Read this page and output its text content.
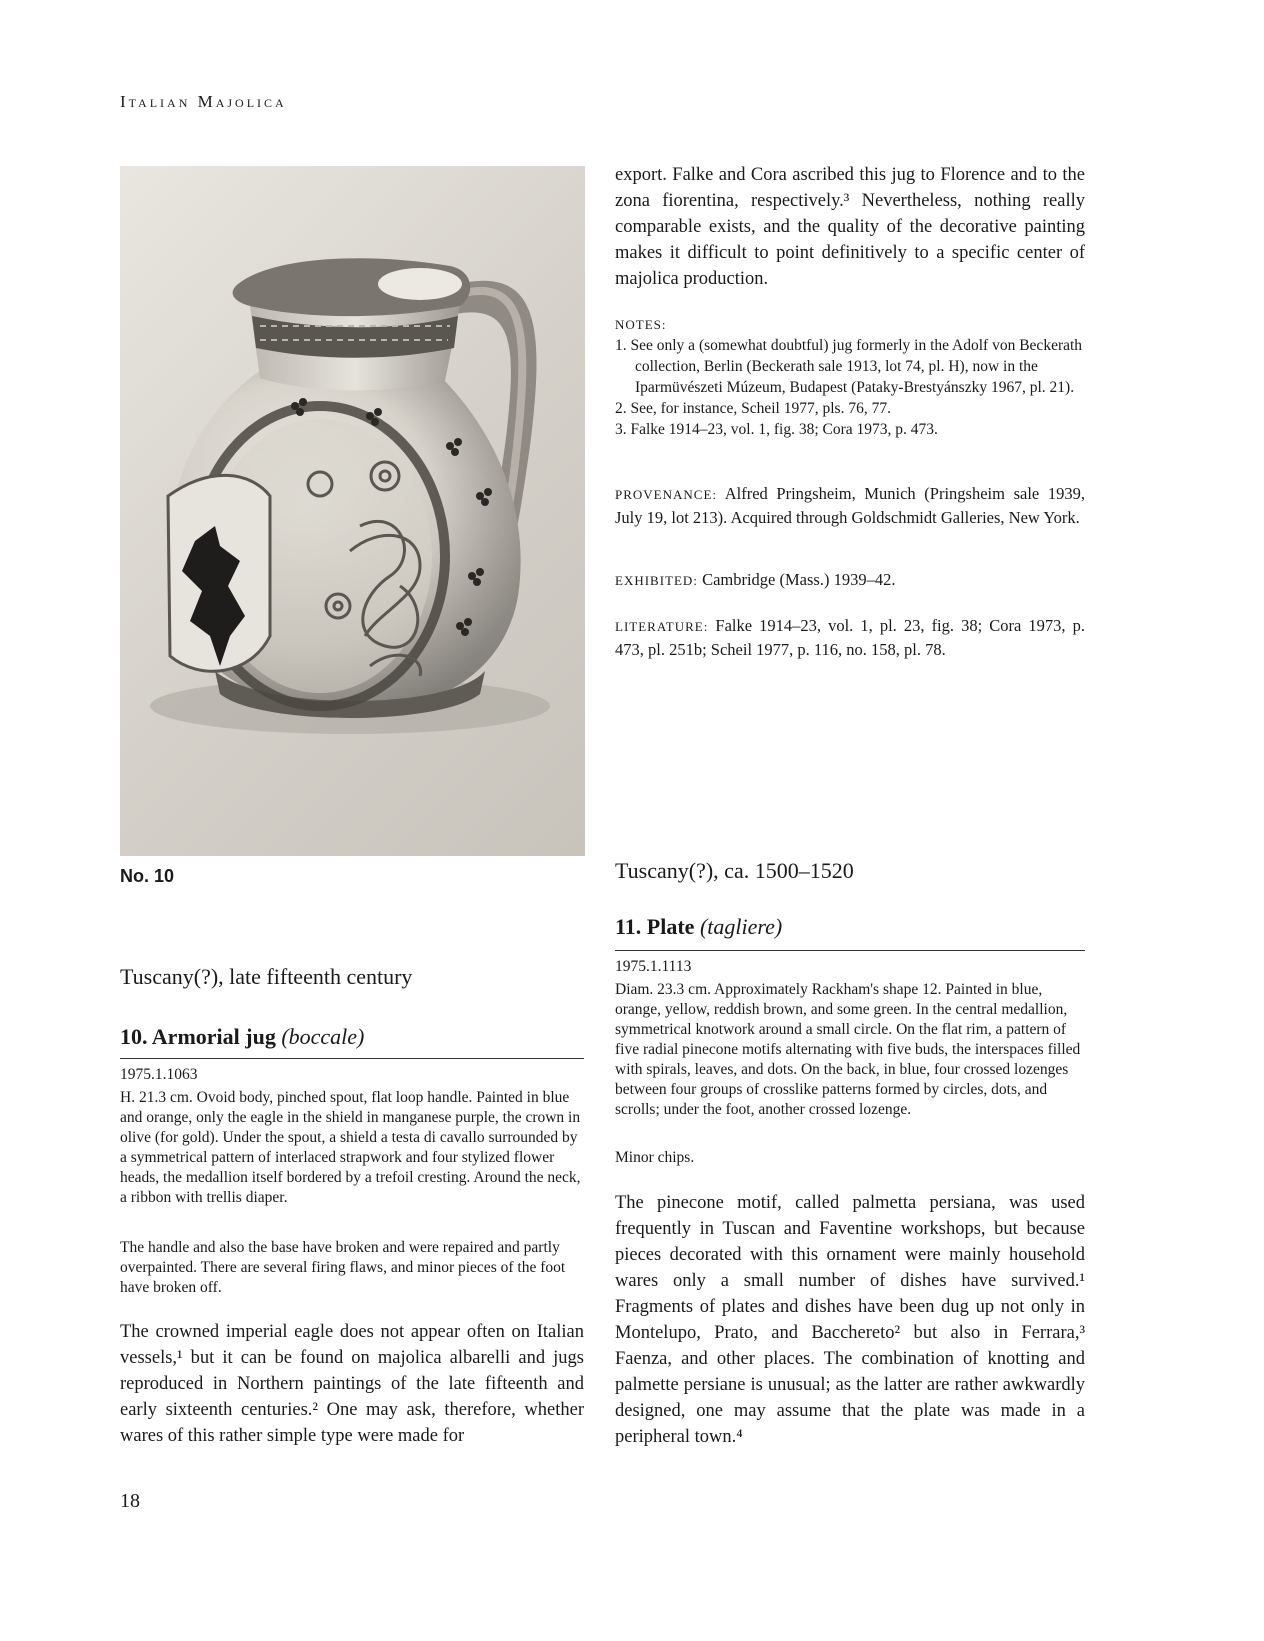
Italian Majolica
No. 10
Tuscany(?), late fifteenth century
10. Armorial jug (boccale)
1975.1.1063

H. 21.3 cm. Ovoid body, pinched spout, flat loop handle. Painted in blue and orange, only the eagle in the shield in manganese purple, the crown in olive (for gold). Under the spout, a shield a testa di cavallo surrounded by a symmetrical pattern of interlaced strapwork and four stylized flower heads, the medallion itself bordered by a trefoil cresting. Around the neck, a ribbon with trellis diaper.

The handle and also the base have broken and were repaired and partly overpainted. There are several firing flaws, and minor pieces of the foot have broken off.

The crowned imperial eagle does not appear often on Italian vessels,¹ but it can be found on majolica albarelli and jugs reproduced in Northern paintings of the late fifteenth and early sixteenth centuries.² One may ask, therefore, whether wares of this rather simple type were made for

18

export. Falke and Cora ascribed this jug to Florence and to the zona fiorentina, respectively.³ Nevertheless, nothing really comparable exists, and the quality of the decorative painting makes it difficult to point definitively to a specific center of majolica production.

NOTES:
1. See only a (somewhat doubtful) jug formerly in the Adolf von Beckerath collection, Berlin (Beckerath sale 1913, lot 74, pl. H), now in the Iparmüvészeti Múzeum, Budapest (Pataky-Brestyánszky 1967, pl. 21).
2. See, for instance, Scheil 1977, pls. 76, 77.
3. Falke 1914–23, vol. 1, fig. 38; Cora 1973, p. 473.

PROVENANCE: Alfred Pringsheim, Munich (Pringsheim sale 1939, July 19, lot 213). Acquired through Goldschmidt Galleries, New York.

EXHIBITED: Cambridge (Mass.) 1939–42.

LITERATURE: Falke 1914–23, vol. 1, pl. 23, fig. 38; Cora 1973, p. 473, pl. 251b; Scheil 1977, p. 116, no. 158, pl. 78.

Tuscany(?), ca. 1500–1520
11. Plate (tagliere)
1975.1.1113

Diam. 23.3 cm. Approximately Rackham's shape 12. Painted in blue, orange, yellow, reddish brown, and some green. In the central medallion, symmetrical knotwork around a small circle. On the flat rim, a pattern of five radial pinecone motifs alternating with five buds, the interspaces filled with spirals, leaves, and dots. On the back, in blue, four crossed lozenges between four groups of crosslike patterns formed by circles, dots, and scrolls; under the foot, another crossed lozenge.

Minor chips.

The pinecone motif, called palmetta persiana, was used frequently in Tuscan and Faventine workshops, but because pieces decorated with this ornament were mainly household wares only a small number of dishes have survived.¹ Fragments of plates and dishes have been dug up not only in Montelupo, Prato, and Bacchereto² but also in Ferrara,³ Faenza, and other places. The combination of knotting and palmette persiane is unusual; as the latter are rather awkwardly designed, one may assume that the plate was made in a peripheral town.⁴
